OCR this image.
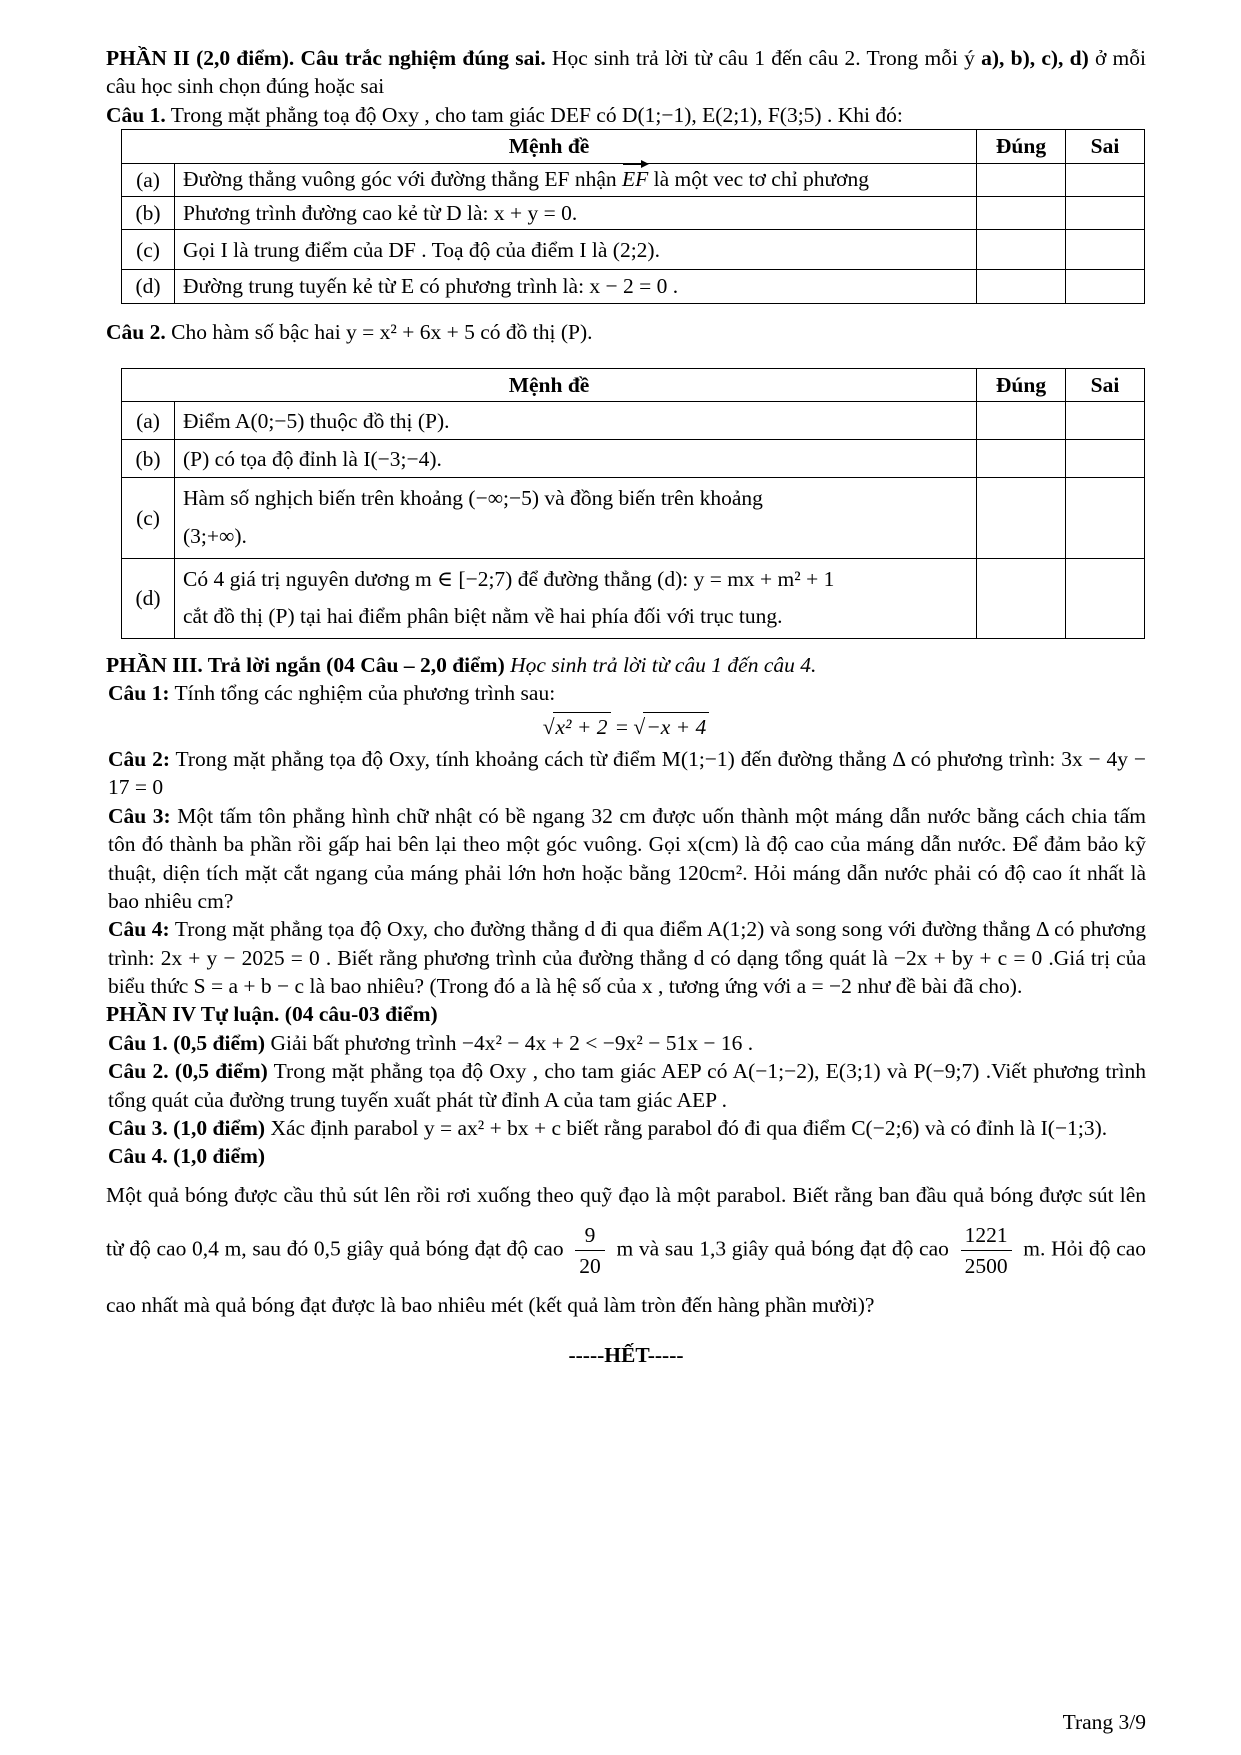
PHẦN II (2,0 điểm). Câu trắc nghiệm đúng sai. Học sinh trả lời từ câu 1 đến câu 2. Trong mỗi ý a), b), c), d) ở mỗi câu học sinh chọn đúng hoặc sai

Câu 1. Trong mặt phẳng toạ độ Oxy , cho tam giác DEF có D(1;−1), E(2;1), F(3;5) . Khi đó:

Mệnh đề		Đúng	Sai
(a)	Đường thẳng vuông góc với đường thẳng EF nhận EF là một vec tơ chỉ phương		
(b)	Phương trình đường cao kẻ từ D là: x + y = 0.		
(c)	Gọi I là trung điểm của DF . Toạ độ của điểm I là (2;2).		
(d)	Đường trung tuyến kẻ từ E có phương trình là: x − 2 = 0 .		

Câu 2. Cho hàm số bậc hai y = x² + 6x + 5 có đồ thị (P).

Mệnh đề		Đúng	Sai
(a)	Điểm A(0;−5) thuộc đồ thị (P).		
(b)	(P) có tọa độ đỉnh là I(−3;−4).		
(c)	Hàm số nghịch biến trên khoảng (−∞;−5) và đồng biến trên khoảng
(3;+∞).		

(d)	Có 4 giá trị nguyên dương m ∈ [−2;7) để đường thẳng (d): y = mx + m² + 1
cắt đồ thị (P) tại hai điểm phân biệt nằm về hai phía đối với trục tung.		

PHẦN III. Trả lời ngắn (04 Câu – 2,0 điểm) Học sinh trả lời từ câu 1 đến câu 4.

Câu 1: Tính tổng các nghiệm của phương trình sau:

√x² + 2 = √−x + 4

Câu 2: Trong mặt phẳng tọa độ Oxy, tính khoảng cách từ điểm M(1;−1) đến đường thẳng Δ có phương trình: 3x − 4y − 17 = 0

Câu 3: Một tấm tôn phẳng hình chữ nhật có bề ngang 32 cm được uốn thành một máng dẫn nước bằng cách chia tấm tôn đó thành ba phần rồi gấp hai bên lại theo một góc vuông. Gọi x(cm) là độ cao của máng dẫn nước. Để đảm bảo kỹ thuật, diện tích mặt cắt ngang của máng phải lớn hơn hoặc bằng 120cm². Hỏi máng dẫn nước phải có độ cao ít nhất là bao nhiêu cm?

Câu 4: Trong mặt phẳng tọa độ Oxy, cho đường thẳng d đi qua điểm A(1;2) và song song với đường thẳng Δ có phương trình: 2x + y − 2025 = 0 . Biết rằng phương trình của đường thẳng d có dạng tổng quát là −2x + by + c = 0 .Giá trị của biểu thức S = a + b − c là bao nhiêu? (Trong đó a là hệ số của x , tương ứng với a = −2 như đề bài đã cho).

PHẦN IV Tự luận. (04 câu-03 điểm)

Câu 1. (0,5 điểm) Giải bất phương trình −4x² − 4x + 2 < −9x² − 51x − 16 .

Câu 2. (0,5 điểm) Trong mặt phẳng tọa độ Oxy , cho tam giác AEP có A(−1;−2), E(3;1) và P(−9;7) .Viết phương trình tổng quát của đường trung tuyến xuất phát từ đỉnh A của tam giác AEP .

Câu 3. (1,0 điểm) Xác định parabol y = ax² + bx + c biết rằng parabol đó đi qua điểm C(−2;6) và có đỉnh là I(−1;3).

Câu 4. (1,0 điểm)

Một quả bóng được cầu thủ sút lên rồi rơi xuống theo quỹ đạo là một parabol. Biết rằng ban đầu quả bóng được sút lên từ độ cao 0,4 m, sau đó 0,5 giây quả bóng đạt độ cao $\frac{9}{20}$ m và sau 1,3 giây quả bóng đạt độ cao $\frac{1221}{2500} m$. Hỏi độ cao cao nhất mà quả bóng đạt được là bao nhiêu mét (kết quả làm tròn đến hàng phần mười)?

-----HẾT-----

Trang 3/9
